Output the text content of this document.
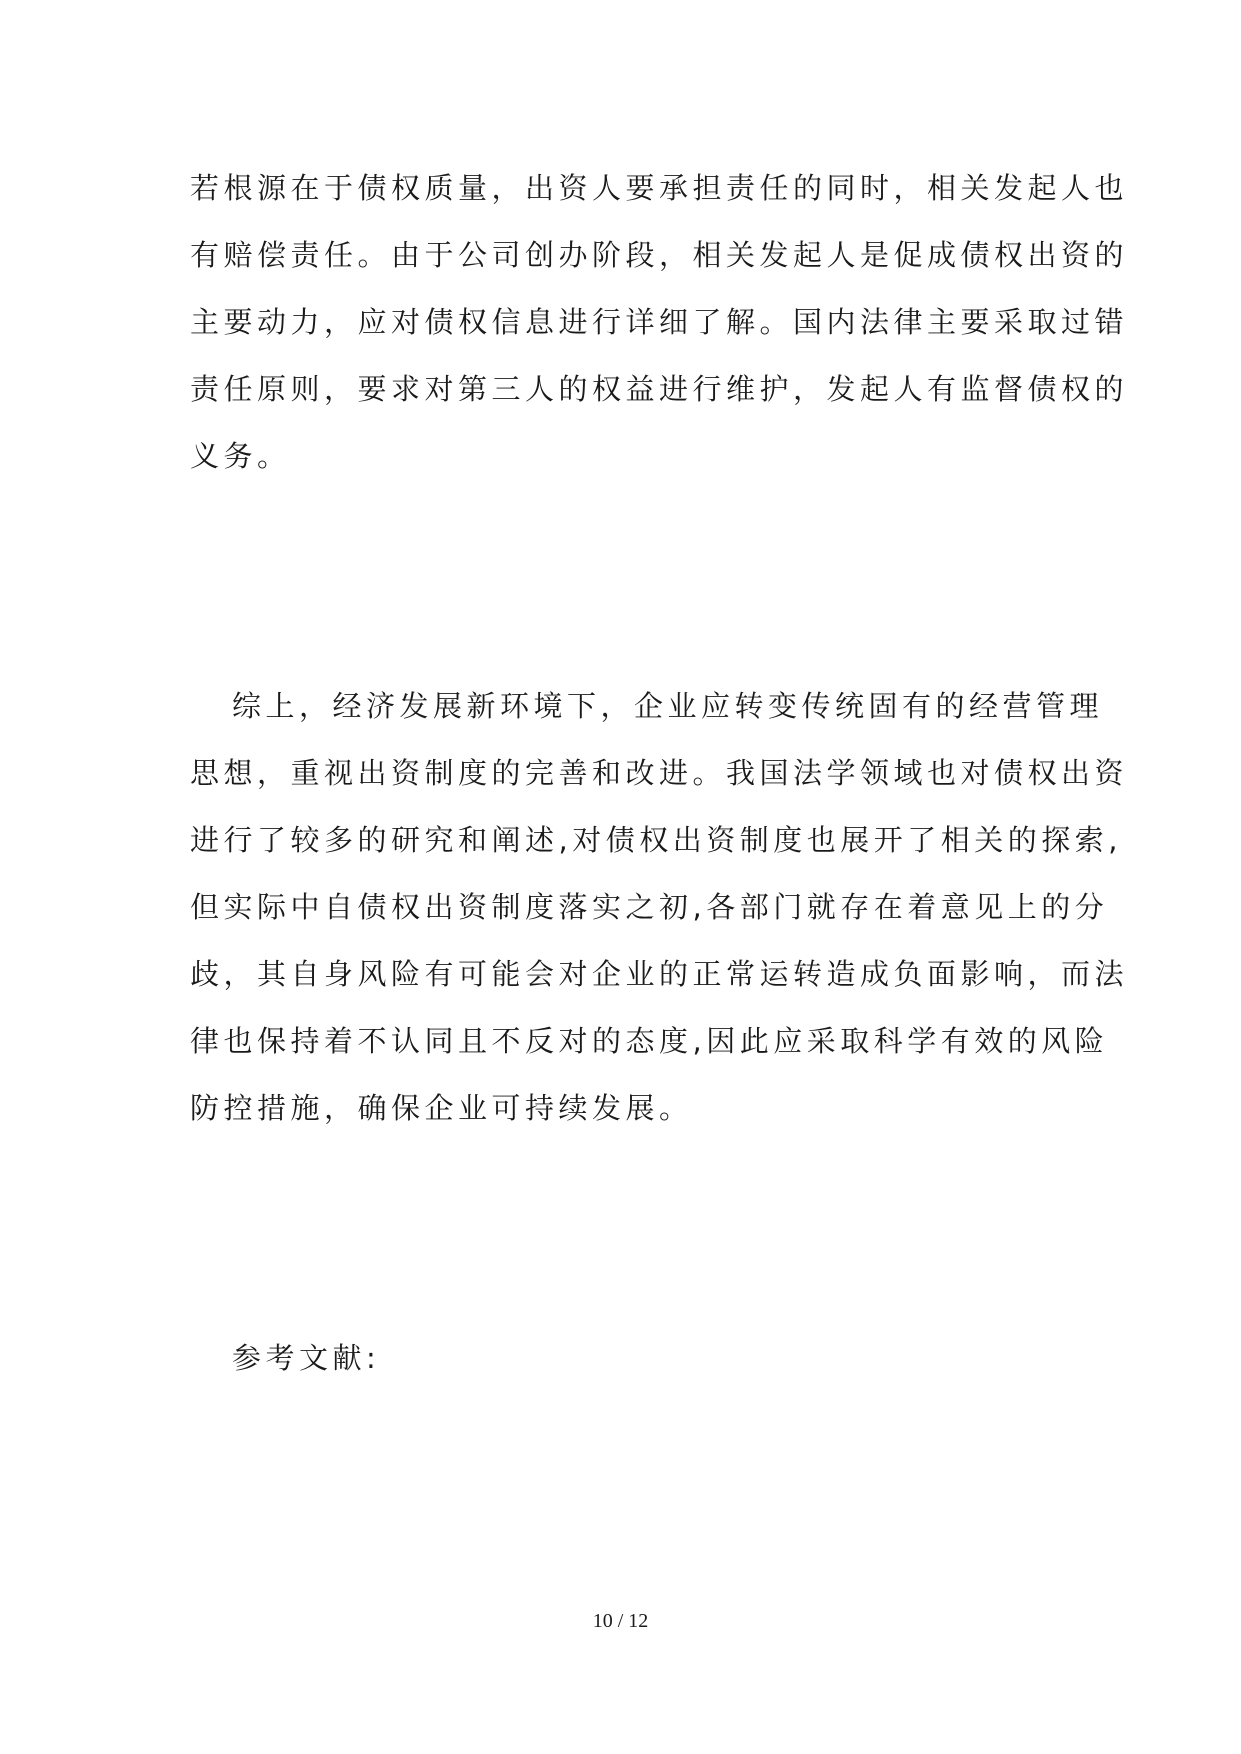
若根源在于债权质量，出资人要承担责任的同时，相关发起人也

有赔偿责任。由于公司创办阶段，相关发起人是促成债权出资的

主要动力，应对债权信息进行详细了解。国内法律主要采取过错

责任原则，要求对第三人的权益进行维护，发起人有监督债权的

义务。

综上，经济发展新环境下，企业应转变传统固有的经营管理

思想，重视出资制度的完善和改进。我国法学领域也对债权出资

进行了较多的研究和阐述,对债权出资制度也展开了相关的探索,

但实际中自债权出资制度落实之初,各部门就存在着意见上的分

歧，其自身风险有可能会对企业的正常运转造成负面影响，而法

律也保持着不认同且不反对的态度,因此应采取科学有效的风险

防控措施，确保企业可持续发展。

参考文献:

10 / 12
